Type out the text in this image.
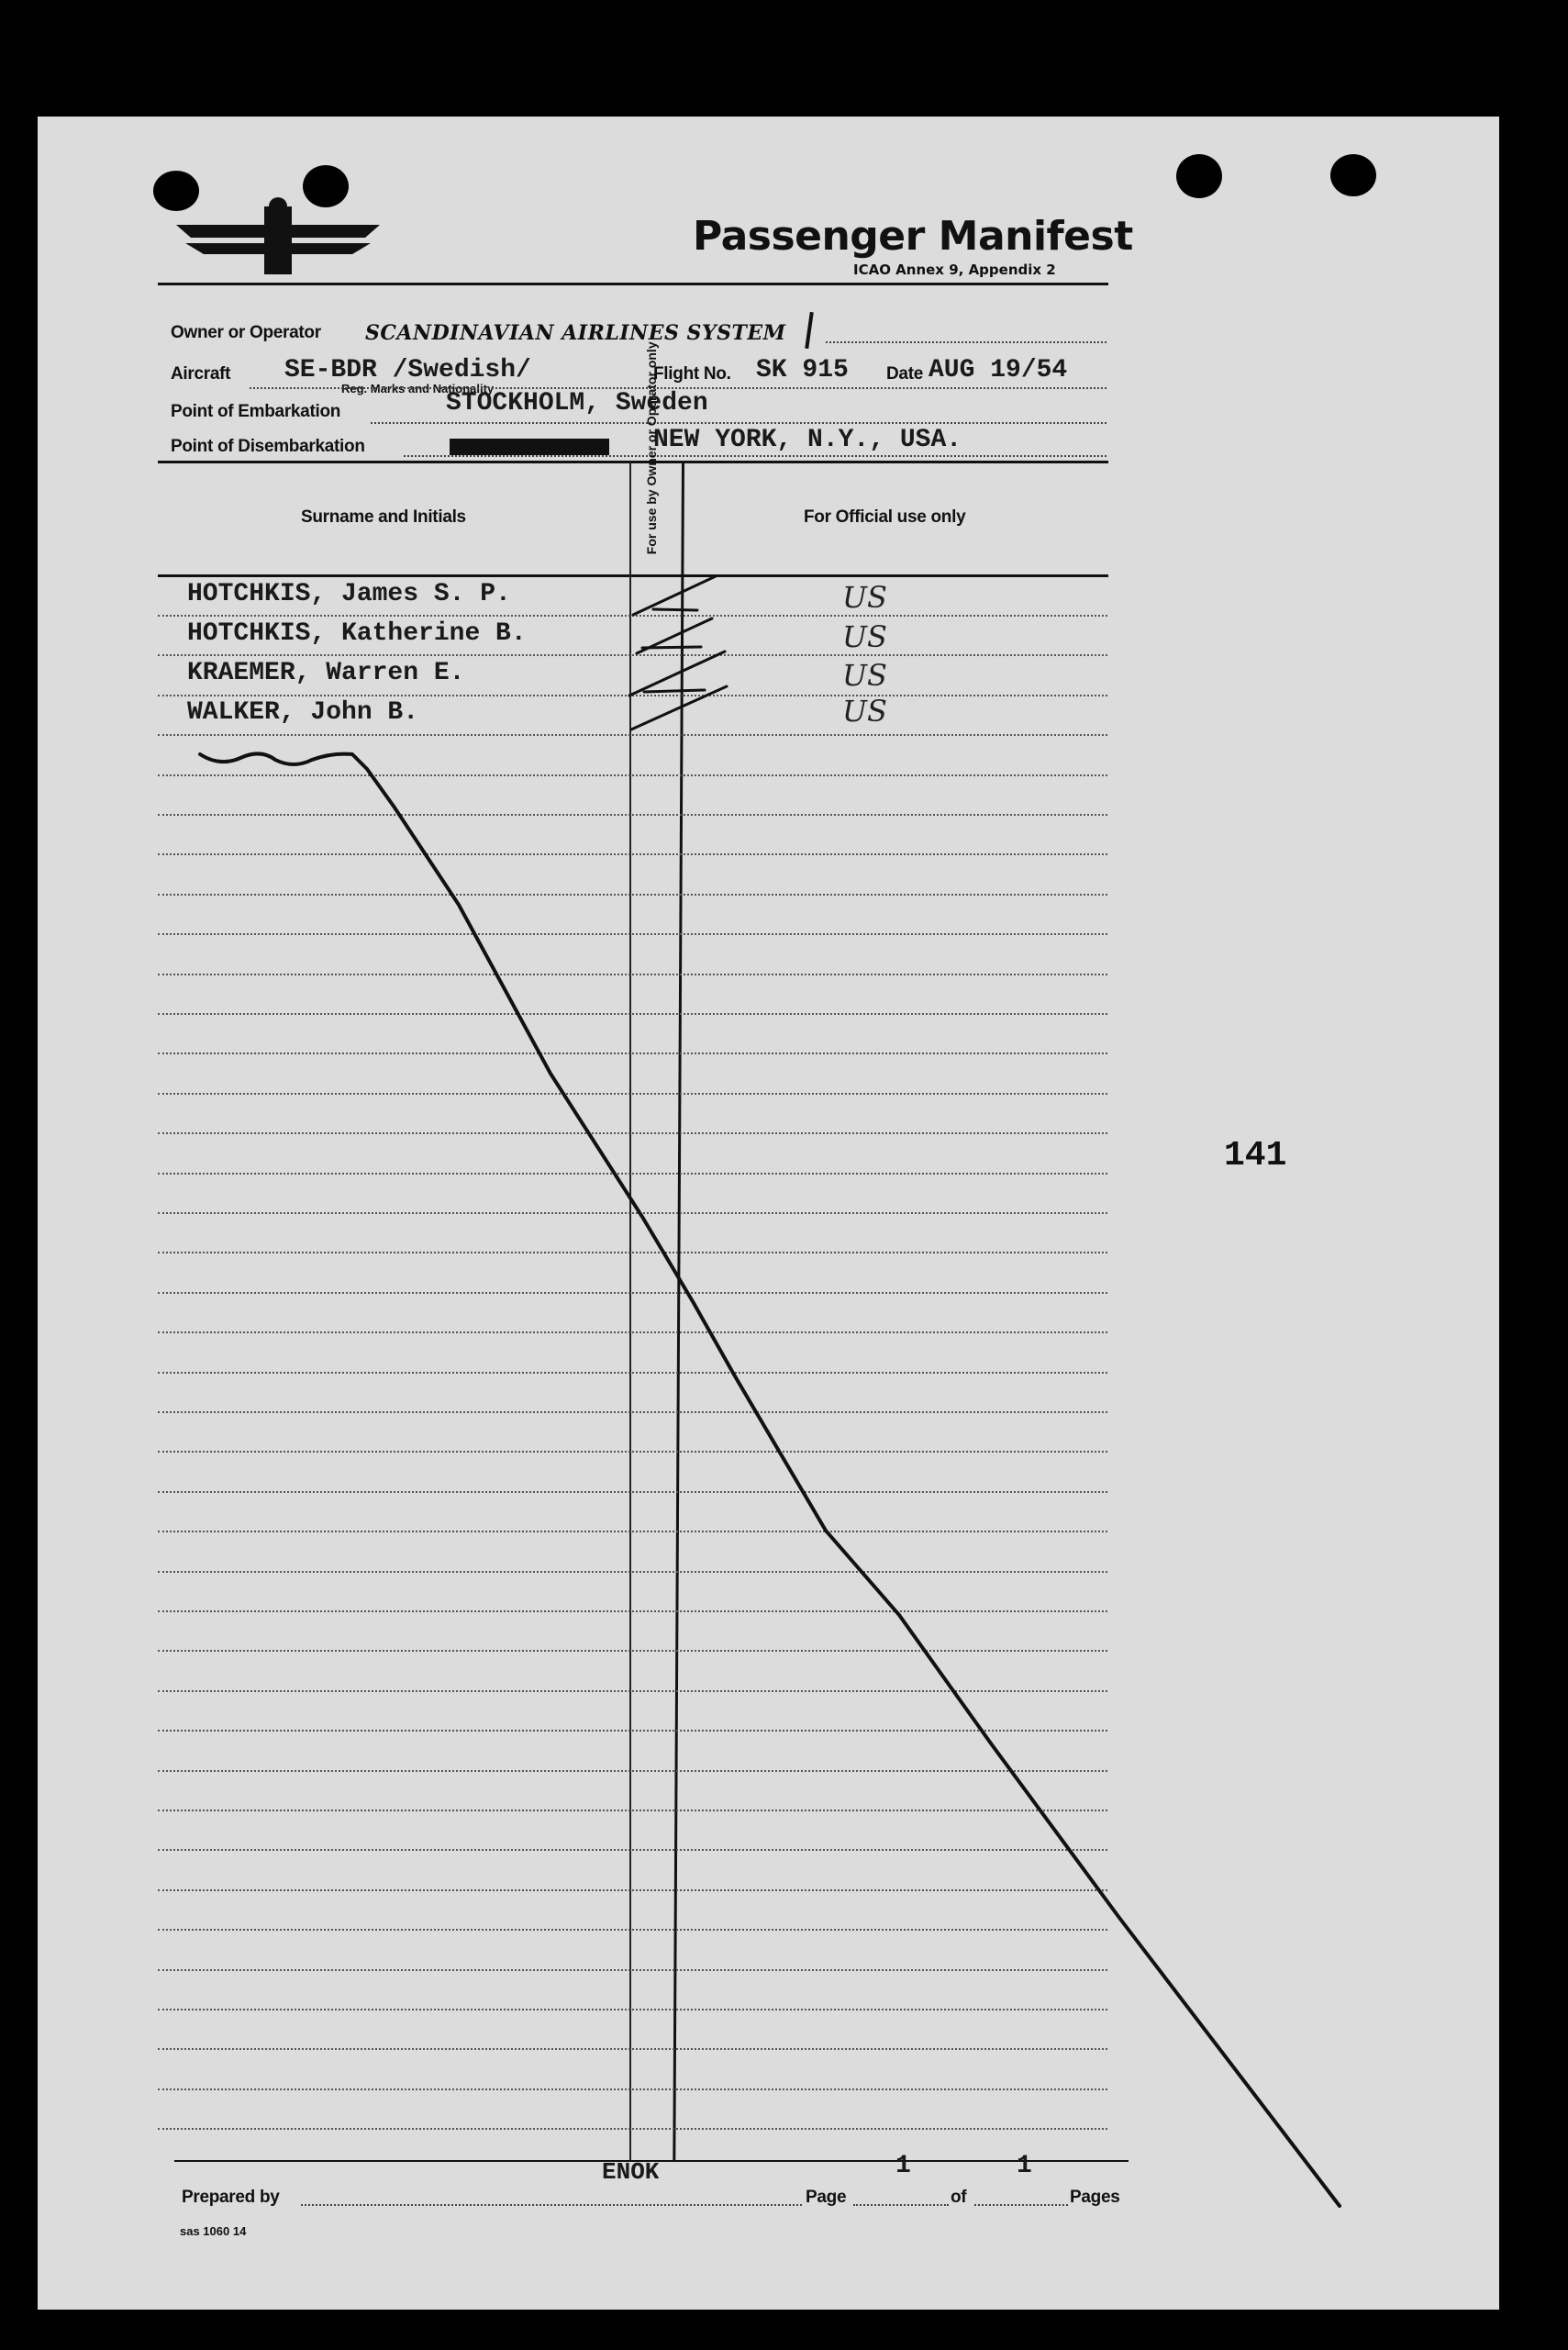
Passenger Manifest
ICAO Annex 9, Appendix 2
Owner or Operator SCANDINAVIAN AIRLINES SYSTEM
Aircraft SE-BDR /Swedish/
Reg. Marks and Nationality
Flight No. SK 915 Date AUG 19/54
Point of Embarkation	STOCKHOLM, Sweden
Point of Disembarkation	NEW YORK, N.Y., USA.
Surname and Initials	For use by Owner or Operator only	For Official use only
HOTCHKIS, James S. P.	US
HOTCHKIS, Katherine B.	US
KRAEMER, Warren E.	US
WALKER, John B.	US
141
ENOK
Prepared by	Page
1
of
1
Pages
sas 1060 14
